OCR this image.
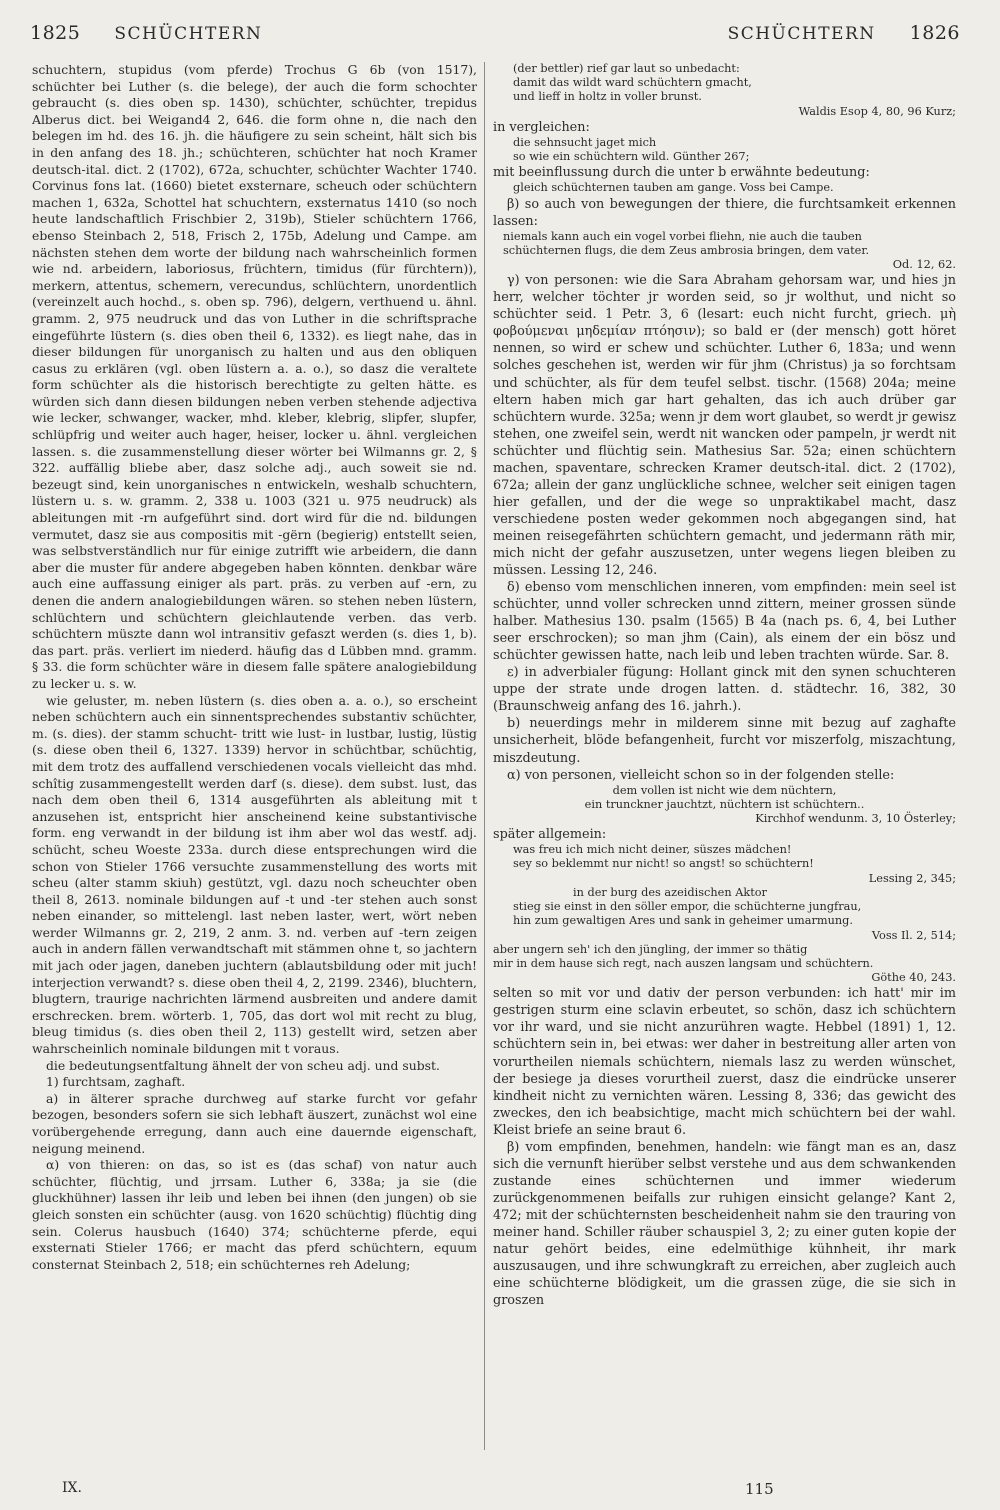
1825 SCHÜCHTERN	SCHÜCHTERN 1826

schuchtern, stupidus (vom pferde) Trochus G 6b (von 1517), schüchter bei Luther (s. die belege), der auch die form schochter gebraucht (s. dies oben sp. 1430), schüchter, schüchter, trepidus Alberus dict. bei Weigand4 2, 646. die form ohne n, die nach den belegen im hd. des 16. jh. die häufigere zu sein scheint, hält sich bis in den anfang des 18. jh.; schüchteren, schüchter hat noch Kramer deutsch-ital. dict. 2 (1702), 672a, schuchter, schüchter Wachter 1740. Corvinus fons lat. (1660) bietet exsternare, scheuch oder schüchtern machen 1, 632a, Schottel hat schuchtern, exsternatus 1410 (so noch heute landschaftlich Frischbier 2, 319b), Stieler schüchtern 1766, ebenso Steinbach 2, 518, Frisch 2, 175b, Adelung und Campe. am nächsten stehen dem worte der bildung nach wahrscheinlich formen wie nd. arbeidern, laboriosus, früchtern, timidus (für fürchtern)), merkern, attentus, schemern, verecundus, schlüchtern, unordentlich (vereinzelt auch hochd., s. oben sp. 796), delgern, verthuend u. ähnl. gramm. 2, 975 neudruck und das von Luther in die schriftsprache eingeführte lüstern (s. dies oben theil 6, 1332). es liegt nahe, das in dieser bildungen für unorganisch zu halten und aus den obliquen casus zu erklären (vgl. oben lüstern a. a. o.), so dasz die veraltete form schüchter als die historisch berechtigte zu gelten hätte. es würden sich dann diesen bildungen neben verben stehende adjectiva wie lecker, schwanger, wacker, mhd. kleber, klebrig, slipfer, slupfer, schlüpfrig und weiter auch hager, heiser, locker u. ähnl. vergleichen lassen. s. die zusammenstellung dieser wörter bei Wilmanns gr. 2, § 322. auffällig bliebe aber, dasz solche adj., auch soweit sie nd. bezeugt sind, kein unorganisches n entwickeln, weshalb schuchtern, lüstern u. s. w. gramm. 2, 338 u. 1003 (321 u. 975 neudruck) als ableitungen mit -rn aufgeführt sind. dort wird für die nd. bildungen vermutet, dasz sie aus compositis mit -gërn (begierig) entstellt seien, was selbstverständlich nur für einige zutrifft wie arbeidern, die dann aber die muster für andere abgegeben haben könnten. denkbar wäre auch eine auffassung einiger als part. präs. zu verben auf -ern, zu denen die andern analogiebildungen wären. so stehen neben lüstern, schlüchtern und schüchtern gleichlautende verben. das verb. schüchtern müszte dann wol intransitiv gefaszt werden (s. dies 1, b). das part. präs. verliert im niederd. häufig das d Lübben mnd. gramm. § 33. die form schüchter wäre in diesem falle spätere analogiebildung zu lecker u. s. w.

wie geluster, m. neben lüstern (s. dies oben a. a. o.), so erscheint neben schüchtern auch ein sinnentsprechendes substantiv schüchter, m. (s. dies). der stamm schucht- tritt wie lust- in lustbar, lustig, lüstig (s. diese oben theil 6, 1327. 1339) hervor in schüchtbar, schüchtig, mit dem trotz des auffallend verschiedenen vocals vielleicht das mhd. schîtig zusammengestellt werden darf (s. diese). dem subst. lust, das nach dem oben theil 6, 1314 ausgeführten als ableitung mit t anzusehen ist, entspricht hier anscheinend keine substantivische form. eng verwandt in der bildung ist ihm aber wol das westf. adj. schücht, scheu Woeste 233a. durch diese entsprechungen wird die schon von Stieler 1766 versuchte zusammenstellung des worts mit scheu (alter stamm skiuh) gestützt, vgl. dazu noch scheuchter oben theil 8, 2613. nominale bildungen auf -t und -ter stehen auch sonst neben einander, so mittelengl. last neben laster, wert, wört neben werder Wilmanns gr. 2, 219, 2 anm. 3. nd. verben auf -tern zeigen auch in andern fällen verwandtschaft mit stämmen ohne t, so jachtern mit jach oder jagen, daneben juchtern (ablautsbildung oder mit juch! interjection verwandt? s. diese oben theil 4, 2, 2199. 2346), bluchtern, blugtern, traurige nachrichten lärmend ausbreiten und andere damit erschrecken. brem. wörterb. 1, 705, das dort wol mit recht zu blug, bleug timidus (s. dies oben theil 2, 113) gestellt wird, setzen aber wahrscheinlich nominale bildungen mit t voraus.

die bedeutungsentfaltung ähnelt der von scheu adj. und subst.

1) furchtsam, zaghaft.

a) in älterer sprache durchweg auf starke furcht vor gefahr bezogen, besonders sofern sie sich lebhaft äuszert, zunächst wol eine vorübergehende erregung, dann auch eine dauernde eigenschaft, neigung meinend.

α) von thieren: on das, so ist es (das schaf) von natur auch schüchter, flüchtig, und jrrsam. Luther 6, 338a; ja sie (die gluckhühner) lassen ihr leib und leben bei ihnen (den jungen) ob sie gleich sonsten ein schüchter (ausg. von 1620 schüchtig) flüchtig ding sein. Colerus hausbuch (1640) 374; schüchterne pferde, equi exsternati Stieler 1766; er macht das pferd schüchtern, equum consternat Steinbach 2, 518; ein schüchternes reh Adelung;

(der bettler) rief gar laut so unbedacht:
damit das wildt ward schüchtern gmacht,
und lieff in holtz in voller brunst.

Waldis Esop 4, 80, 96 Kurz;

in vergleichen:

die sehnsucht jaget mich
so wie ein schüchtern wild. Günther 267;

mit beeinflussung durch die unter b erwähnte bedeutung:

gleich schüchternen tauben am gange. Voss bei Campe.

β) so auch von bewegungen der thiere, die furchtsamkeit erkennen lassen:

niemals kann auch ein vogel vorbei fliehn, nie auch die tauben
schüchternen flugs, die dem Zeus ambrosia bringen, dem vater.

Od. 12, 62.

γ) von personen: wie die Sara Abraham gehorsam war, und hies jn herr, welcher töchter jr worden seid, so jr wolthut, und nicht so schüchter seid. 1 Petr. 3, 6 (lesart: euch nicht furcht, griech. μὴ φοβούμεναι μηδεμίαν πτόησιν); so bald er (der mensch) gott höret nennen, so wird er schew und schüchter. Luther 6, 183a; und wenn solches geschehen ist, werden wir für jhm (Christus) ja so forchtsam und schüchter, als für dem teufel selbst. tischr. (1568) 204a; meine eltern haben mich gar hart gehalten, das ich auch drüber gar schüchtern wurde. 325a; wenn jr dem wort glaubet, so werdt jr gewisz stehen, one zweifel sein, werdt nit wancken oder pampeln, jr werdt nit schüchter und flüchtig sein. Mathesius Sar. 52a; einen schüchtern machen, spaventare, schrecken Kramer deutsch-ital. dict. 2 (1702), 672a; allein der ganz unglückliche schnee, welcher seit einigen tagen hier gefallen, und der die wege so unpraktikabel macht, dasz verschiedene posten weder gekommen noch abgegangen sind, hat meinen reisegefährten schüchtern gemacht, und jedermann räth mir, mich nicht der gefahr auszusetzen, unter wegens liegen bleiben zu müssen. Lessing 12, 246.

δ) ebenso vom menschlichen inneren, vom empfinden: mein seel ist schüchter, unnd voller schrecken unnd zittern, meiner grossen sünde halber. Mathesius 130. psalm (1565) B 4a (nach ps. 6, 4, bei Luther seer erschrocken); so man jhm (Cain), als einem der ein bösz und schüchter gewissen hatte, nach leib und leben trachten würde. Sar. 8.

ε) in adverbialer fügung: Hollant ginck mit den synen schuchteren uppe der strate unde drogen latten. d. städtechr. 16, 382, 30 (Braunschweig anfang des 16. jahrh.).

b) neuerdings mehr in milderem sinne mit bezug auf zaghafte unsicherheit, blöde befangenheit, furcht vor miszerfolg, miszachtung, miszdeutung.

α) von personen, vielleicht schon so in der folgenden stelle:

dem vollen ist nicht wie dem nüchtern,
ein trunckner jauchtzt, nüchtern ist schüchtern..

Kirchhof wendunm. 3, 10 Österley;

später allgemein:

was freu ich mich nicht deiner, süszes mädchen!
sey so beklemmt nur nicht! so angst! so schüchtern!

Lessing 2, 345;

in der burg des azeidischen Aktor
stieg sie einst in den söller empor, die schüchterne jungfrau,
hin zum gewaltigen Ares und sank in geheimer umarmung.

Voss Il. 2, 514;

aber ungern seh' ich den jüngling, der immer so thätig
mir in dem hause sich regt, nach auszen langsam und schüchtern.

Göthe 40, 243.

selten so mit vor und dativ der person verbunden: ich hatt' mir im gestrigen sturm eine sclavin erbeutet, so schön, dasz ich schüchtern vor ihr ward, und sie nicht anzurühren wagte. Hebbel (1891) 1, 12. schüchtern sein in, bei etwas: wer daher in bestreitung aller arten von vorurtheilen niemals schüchtern, niemals lasz zu werden wünschet, der besiege ja dieses vorurtheil zuerst, dasz die eindrücke unserer kindheit nicht zu vernichten wären. Lessing 8, 336; das gewicht des zweckes, den ich beabsichtige, macht mich schüchtern bei der wahl. Kleist briefe an seine braut 6.

β) vom empfinden, benehmen, handeln: wie fängt man es an, dasz sich die vernunft hierüber selbst verstehe und aus dem schwankenden zustande eines schüchternen und immer wiederum zurückgenommenen beifalls zur ruhigen einsicht gelange? Kant 2, 472; mit der schüchternsten bescheidenheit nahm sie den trauring von meiner hand. Schiller räuber schauspiel 3, 2; zu einer guten kopie der natur gehört beides, eine edelmüthige kühnheit, ihr mark auszusaugen, und ihre schwungkraft zu erreichen, aber zugleich auch eine schüchterne blödigkeit, um die grassen züge, die sie sich in groszen

IX.	115
